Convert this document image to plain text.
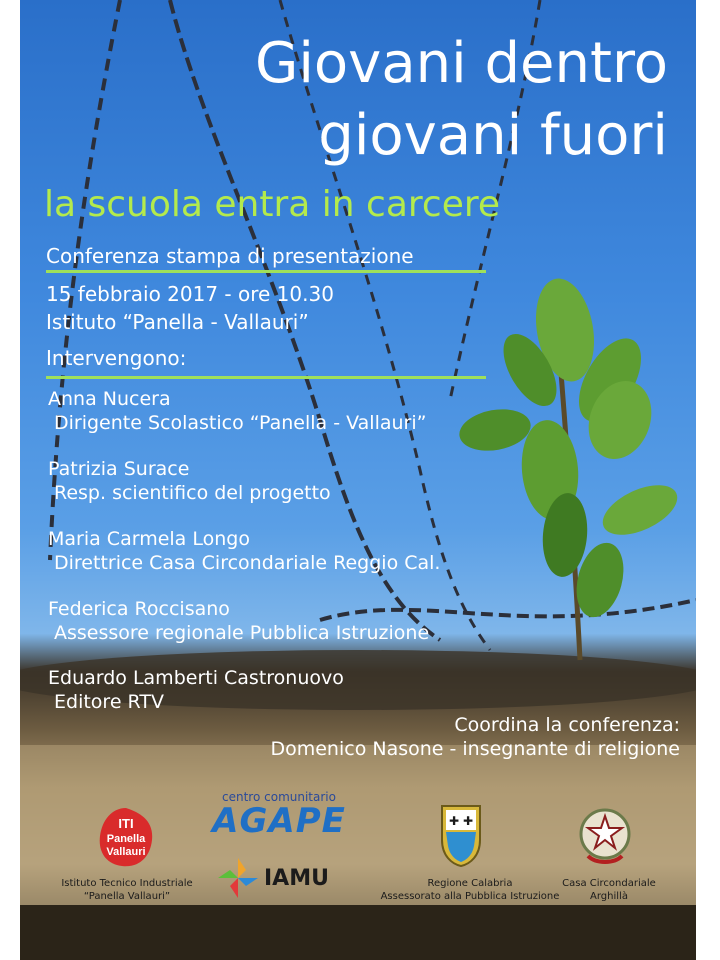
Giovani dentro
giovani fuori
la scuola entra in carcere
Conferenza stampa di presentazione
15 febbraio 2017 - ore 10.30
Istituto “Panella - Vallauri”
Intervengono:
Anna Nucera
Dirigente Scolastico “Panella - Vallauri”
Patrizia Surace
Resp. scientifico del progetto
Maria Carmela Longo
Direttrice Casa Circondariale Reggio Cal.
Federica Roccisano
Assessore regionale Pubblica Istruzione
Eduardo Lamberti Castronuovo
Editore RTV
Coordina la conferenza:
Domenico Nasone - insegnante di religione
ITI
Panella
Vallauri
Istituto Tecnico Industriale
“Panella Vallauri”
centro comunitario
AGAPE
IAMU
✚ ✚
Regione Calabria
Assessorato alla Pubblica Istruzione
Casa Circondariale
Arghillà
